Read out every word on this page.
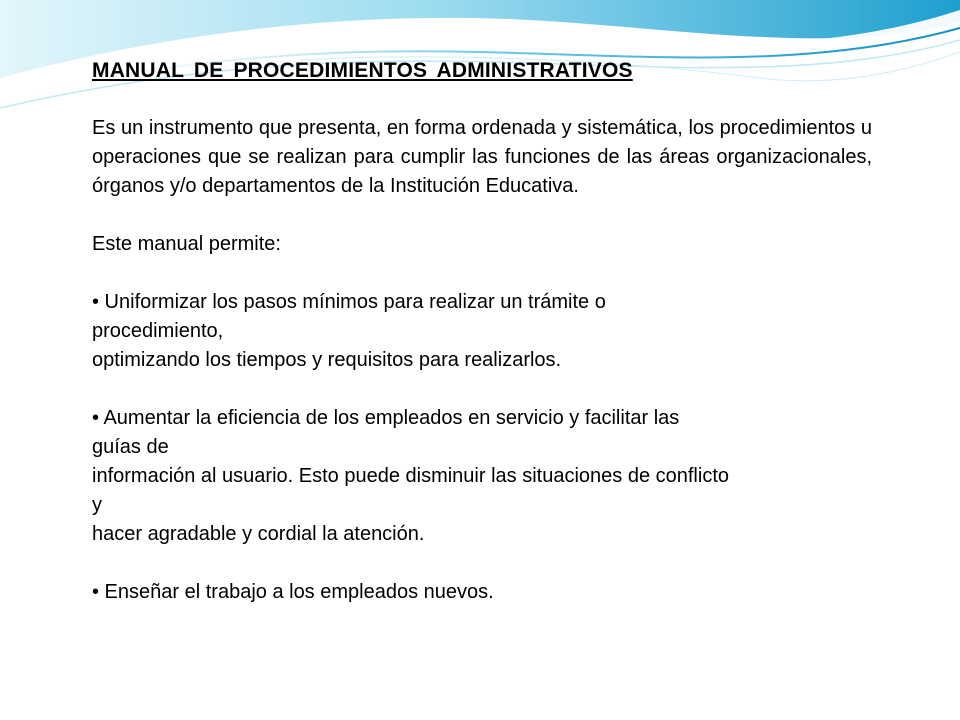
MANUAL DE PROCEDIMIENTOS ADMINISTRATIVOS

Es un instrumento que presenta, en forma ordenada y sistemática, los procedimientos u operaciones que se realizan para cumplir las funciones de las áreas organizacionales, órganos y/o departamentos de la Institución Educativa.

Este manual permite:

• Uniformizar los pasos mínimos para realizar un trámite o

procedimiento,

optimizando los tiempos y requisitos para realizarlos.

• Aumentar la eficiencia de los empleados en servicio y facilitar las

guías de

información al usuario. Esto puede disminuir las situaciones de conflicto

y

hacer agradable y cordial la atención.

• Enseñar el trabajo a los empleados nuevos.
